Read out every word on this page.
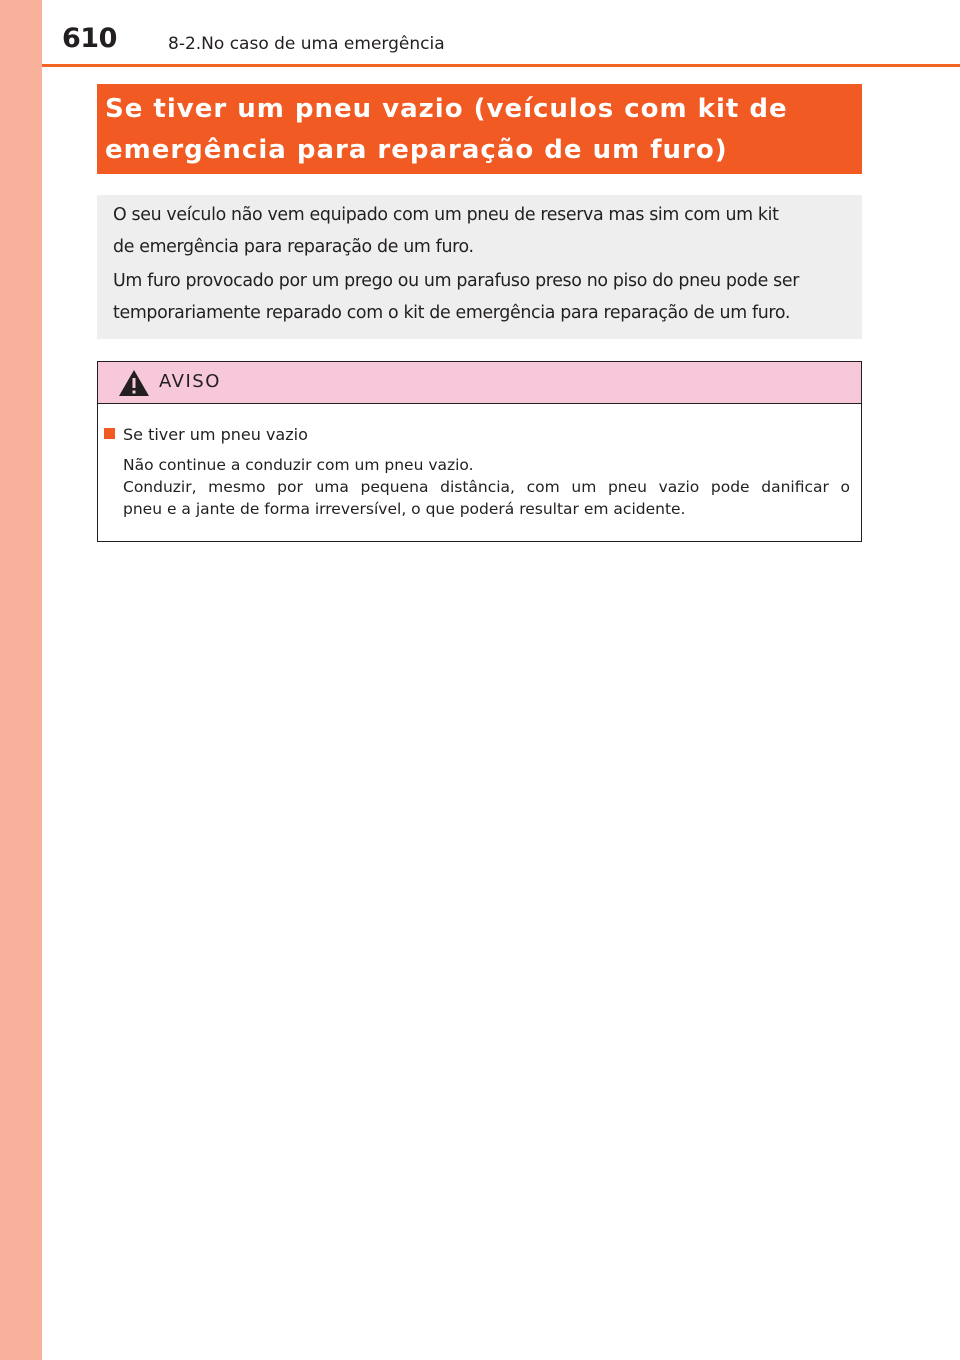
610	8-2.No caso de uma emergência
Se tiver um pneu vazio (veículos com kit de
emergência para reparação de um furo)

O seu veículo não vem equipado com um pneu de reserva mas sim com um kit
de emergência para reparação de um furo.

Um furo provocado por um prego ou um parafuso preso no piso do pneu pode ser
temporariamente reparado com o kit de emergência para reparação de um furo.

AVISO
Se tiver um pneu vazio
Não continue a conduzir com um pneu vazio.
Conduzir, mesmo por uma pequena distância, com um pneu vazio pode danificar o
pneu e a jante de forma irreversível, o que poderá resultar em acidente.
